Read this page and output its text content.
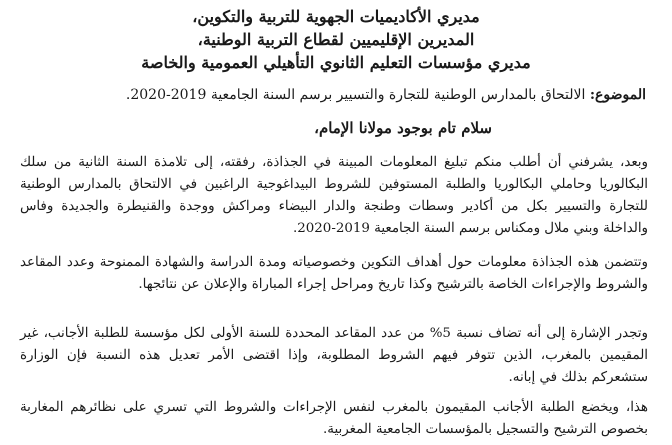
مديري الأكاديميات الجهوية للتربية والتكوين،
المديرين الإقليميين لقطاع التربية الوطنية،
مديري مؤسسات التعليم الثانوي التأهيلي العمومية والخاصة
الموضوع: الالتحاق بالمدارس الوطنية للتجارة والتسيير برسم السنة الجامعية 2019-2020.
سلام تام بوجود مولانا الإمام،
وبعد، يشرفني أن أطلب منكم تبليغ المعلومات المبينة في الجذاذة، رفقته، إلى تلامذة السنة الثانية من سلك البكالوريا وحاملي البكالوريا والطلبة المستوفين للشروط البيداغوجية الراغبين في الالتحاق بالمدارس الوطنية للتجارة والتسيير بكل من أكادير وسطات وطنجة والدار البيضاء ومراكش ووجدة والقنيطرة والجديدة وفاس والداخلة وبني ملال ومكناس برسم السنة الجامعية 2019-2020.
وتتضمن هذه الجذاذة معلومات حول أهداف التكوين وخصوصياته ومدة الدراسة والشهادة الممنوحة وعدد المقاعد والشروط والإجراءات الخاصة بالترشيح وكذا تاريخ ومراحل إجراء المباراة والإعلان عن نتائجها.
وتجدر الإشارة إلى أنه تضاف نسبة 5% من عدد المقاعد المحددة للسنة الأولى لكل مؤسسة للطلبة الأجانب، غير المقيمين بالمغرب، الذين تتوفر فيهم الشروط المطلوبة، وإذا اقتضى الأمر تعديل هذه النسبة فإن الوزارة ستشعركم بذلك في إبانه.
هذا، ويخضع الطلبة الأجانب المقيمون بالمغرب لنفس الإجراءات والشروط التي تسري على نظائرهم المغاربة بخصوص الترشيح والتسجيل بالمؤسسات الجامعية المغربية.
